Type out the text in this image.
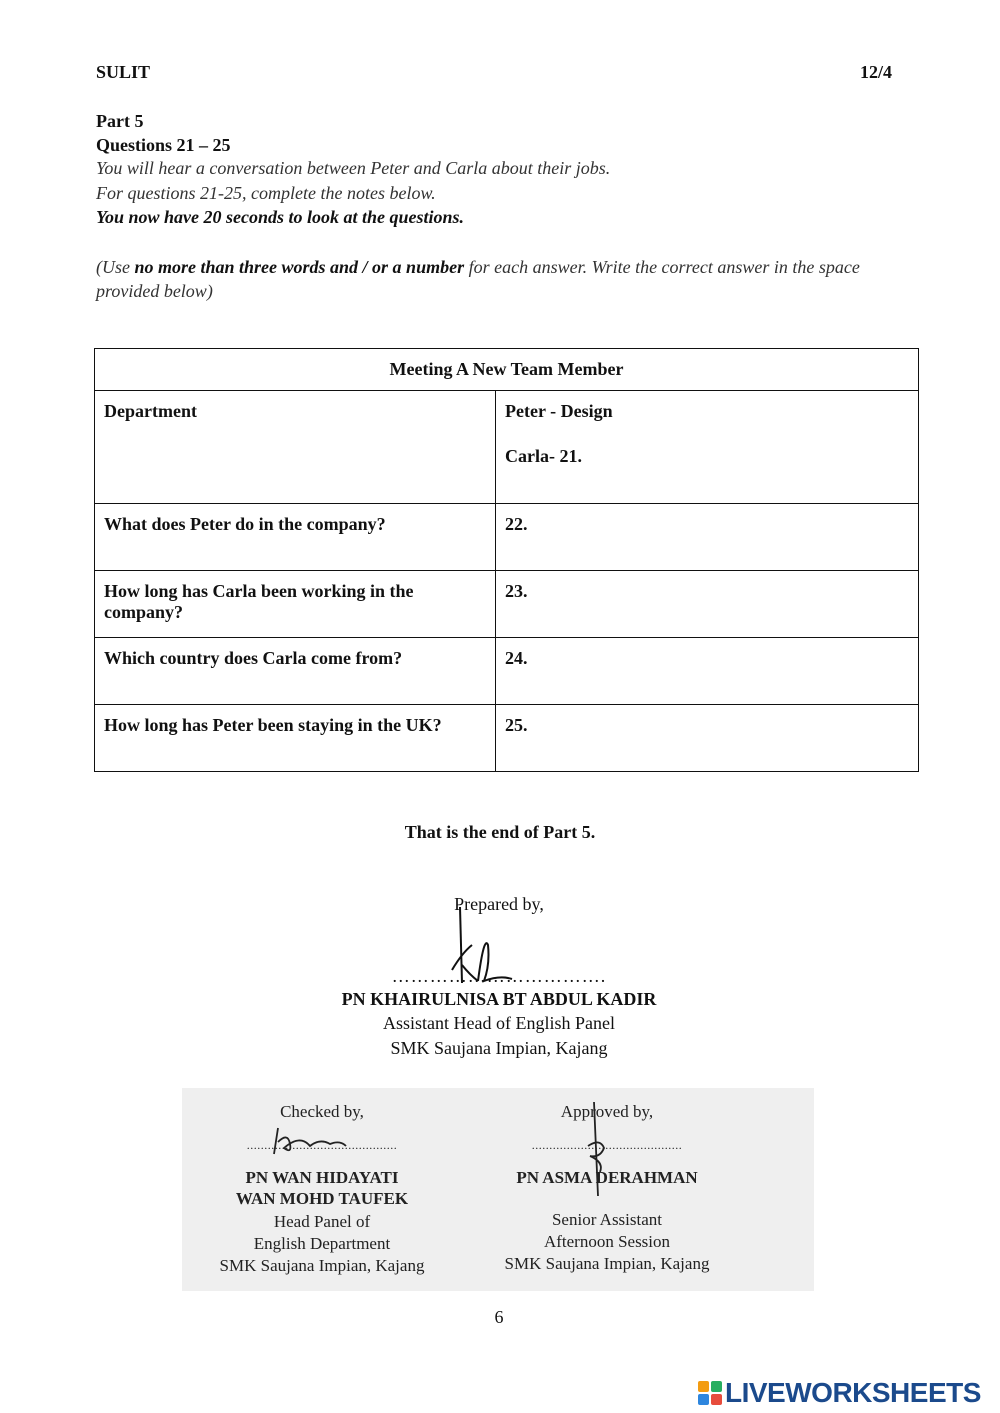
SULIT	12/4
Part 5
Questions 21 – 25
You will hear a conversation between Peter and Carla about their jobs.
For questions 21-25, complete the notes below.
You now have 20 seconds to look at the questions.
(Use no more than three words and / or a number for each answer. Write the correct answer in the space provided below)
Meeting A New Team Member	
Department	Peter - Design
Carla- 21.

What does Peter do in the company?	22.
How long has Carla been working in the company?	23.
Which country does Carla come from?	24.
How long has Peter been staying in the UK?	25.
That is the end of Part 5.
Prepared by,
…………………………….
PN KHAIRULNISA BT ABDUL KADIR
Assistant Head of English Panel
SMK Saujana Impian, Kajang
Checked by,
...........................................
PN WAN HIDAYATI
WAN MOHD TAUFEK
Head Panel of
English Department
SMK Saujana Impian, Kajang
Approved by,
...........................................
PN ASMA DERAHMAN
Senior Assistant
Afternoon Session
SMK Saujana Impian, Kajang
6
LIVEWORKSHEETS
